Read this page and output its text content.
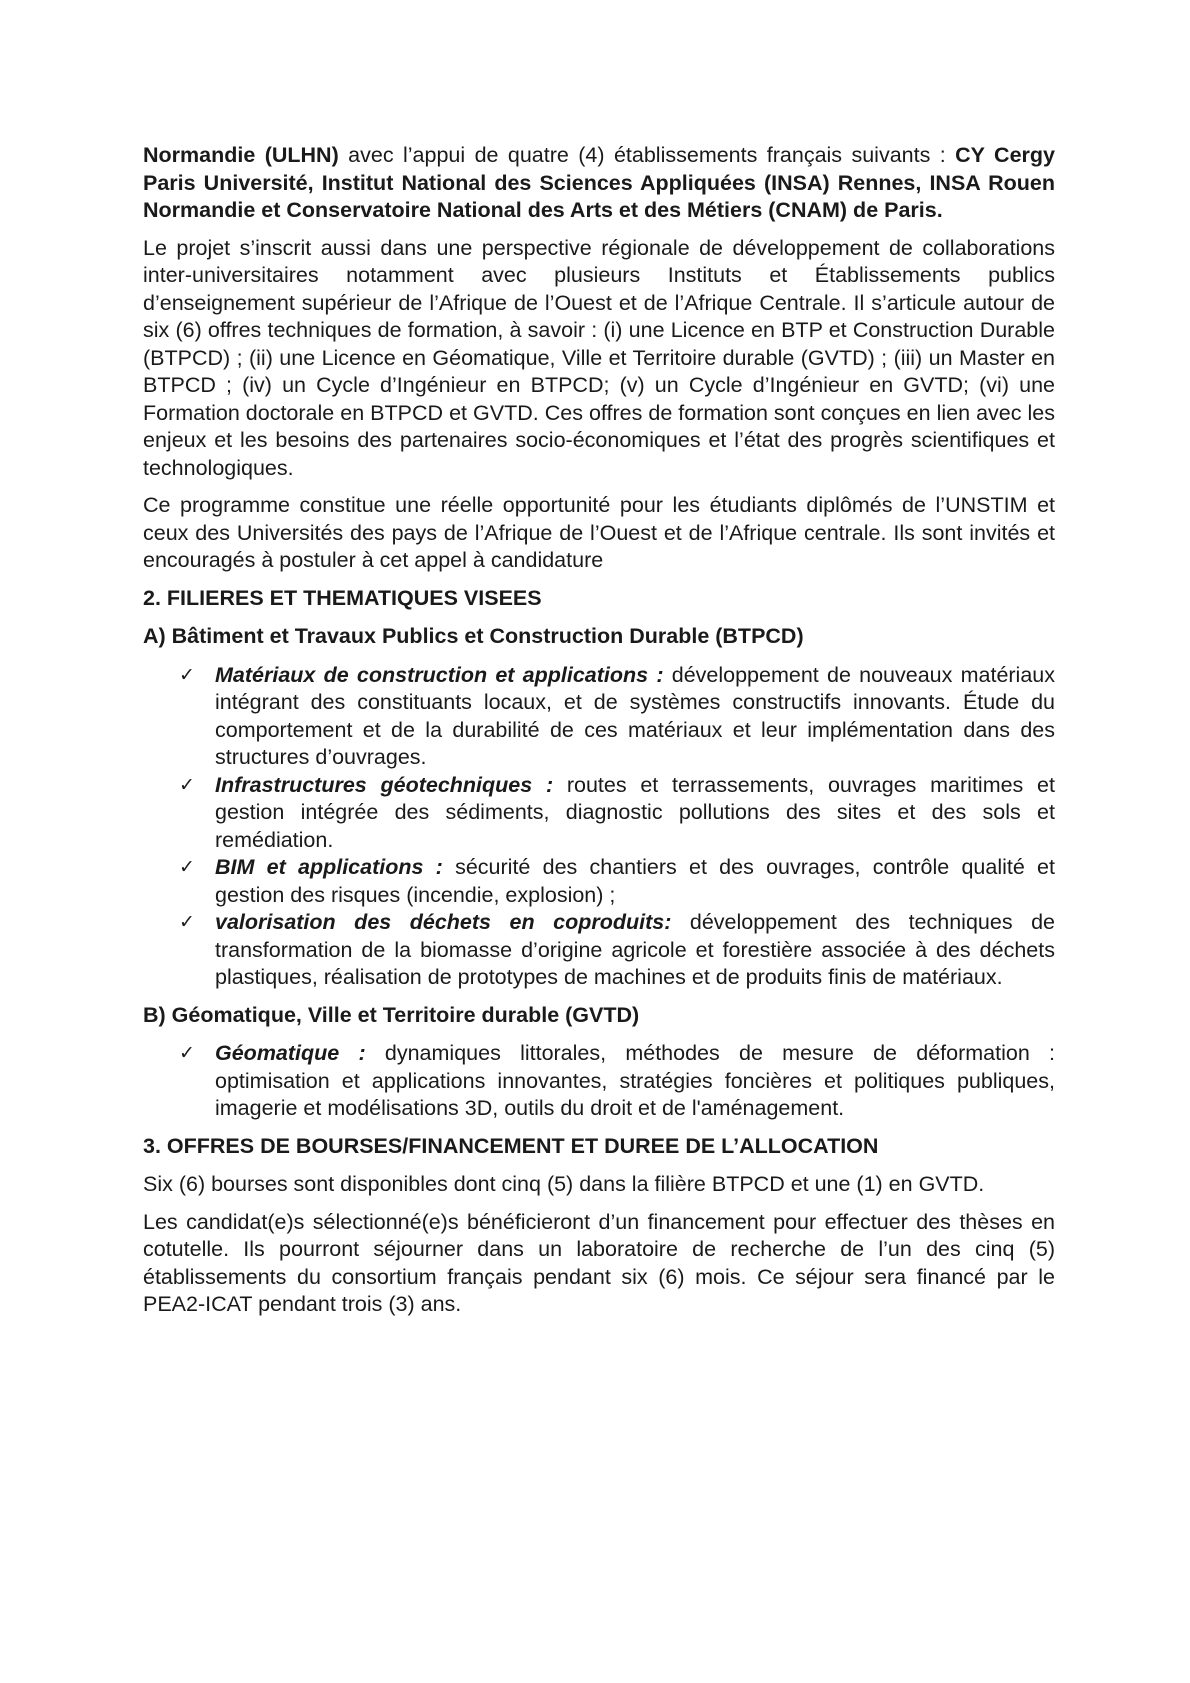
Normandie (ULHN) avec l’appui de quatre (4) établissements français suivants : CY Cergy Paris Université, Institut National des Sciences Appliquées (INSA) Rennes, INSA Rouen Normandie et Conservatoire National des Arts et des Métiers (CNAM) de Paris.

Le projet s’inscrit aussi dans une perspective régionale de développement de collaborations inter-universitaires notamment avec plusieurs Instituts et Établissements publics d’enseignement supérieur de l’Afrique de l’Ouest et de l’Afrique Centrale. Il s’articule autour de six (6) offres techniques de formation, à savoir : (i) une Licence en BTP et Construction Durable (BTPCD) ; (ii) une Licence en Géomatique, Ville et Territoire durable (GVTD) ; (iii) un Master en BTPCD ; (iv) un Cycle d’Ingénieur en BTPCD; (v) un Cycle d’Ingénieur en GVTD; (vi) une Formation doctorale en BTPCD et GVTD. Ces offres de formation sont conçues en lien avec les enjeux et les besoins des partenaires socio-économiques et l’état des progrès scientifiques et technologiques.

Ce programme constitue une réelle opportunité pour les étudiants diplômés de l’UNSTIM et ceux des Universités des pays de l’Afrique de l’Ouest et de l’Afrique centrale. Ils sont invités et encouragés à postuler à cet appel à candidature

2. FILIERES ET THEMATIQUES VISEES
A) Bâtiment et Travaux Publics et Construction Durable (BTPCD)
✓ Matériaux de construction et applications : développement de nouveaux matériaux intégrant des constituants locaux, et de systèmes constructifs innovants. Étude du comportement et de la durabilité de ces matériaux et leur implémentation dans des structures d’ouvrages.
✓ Infrastructures géotechniques : routes et terrassements, ouvrages maritimes et gestion intégrée des sédiments, diagnostic pollutions des sites et des sols et remédiation.
✓ BIM et applications : sécurité des chantiers et des ouvrages, contrôle qualité et gestion des risques (incendie, explosion) ;
✓ valorisation des déchets en coproduits: développement des techniques de transformation de la biomasse d’origine agricole et forestière associée à des déchets plastiques, réalisation de prototypes de machines et de produits finis de matériaux.
B) Géomatique, Ville et Territoire durable (GVTD)
✓ Géomatique : dynamiques littorales, méthodes de mesure de déformation : optimisation et applications innovantes, stratégies foncières et politiques publiques, imagerie et modélisations 3D, outils du droit et de l'aménagement.
3. OFFRES DE BOURSES/FINANCEMENT ET DUREE DE L’ALLOCATION

Six (6) bourses sont disponibles dont cinq (5) dans la filière BTPCD et une (1) en GVTD.

Les candidat(e)s sélectionné(e)s bénéficieront d’un financement pour effectuer des thèses en cotutelle. Ils pourront séjourner dans un laboratoire de recherche de l’un des cinq (5) établissements du consortium français pendant six (6) mois. Ce séjour sera financé par le PEA2-ICAT pendant trois (3) ans.
